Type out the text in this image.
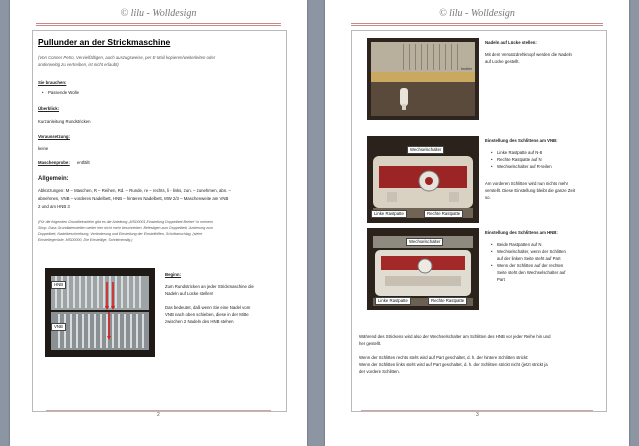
© lilu - Wolldesign
Pullunder an der Strickmaschine
(Von Conner Petro, Vervielfältigen, auch auszugsweise, per E-Mail kopieren/weiterleiten oder
anderweitig zu vertreiben, ist nicht erlaubt)
Sie brauchen:
• Passende Wolle
Überblick:
Kurzanleitung Rundstricken
Voraussetzung:
keine
Maschenprobe: entfällt
Allgemein:
Abkürzungen: M – Maschen, R – Reihen, Rd. – Runde, re – rechts, li - links, zun. – zunehmen, abn. –
abnehmen, VNB – vorderes Nadelbett, HNB – hinteres Nadelbett, MW 2/3 – Maschenweite am VNB
2 und am HNB 3
(Für die folgenden Grundlieinstieler gibt es die Anleitung „MSD0001 Einstellung Doppelbett Breiter“ in meinem
Shop. Dass Grundlaienstellen weiter hier nicht mehr beschrieben. Befestigen zum Doppelbett, Justierung zum
Doppelbett, Nadelbeschreibung, Veränderung und Einstellung der Einstellhilfen, Schrittanschlag, (siehe
Einstellegerüste, MSD0000, Die Einstellige, Schrittmerallg.)
HNB
VNB
Beginn:
Zum Rundstricken an jeder Strickmaschine die
Nadeln auf Lücke stellen!
Das bedeutet, daß wenn Sie eine Nadel vom
VNB nach oben schieben, diese in der Mitte
zwischen 2 Nadeln des HNB stehen
2
© lilu - Wolldesign
brother
Nadeln auf Lücke stellen:
Mit dem Versatzdrehknopf werden die Nadeln
auf Lücke gestellt.
Wechselschalter
Linke Rastpatte	Rechte Rastpatte
Einstellung des Schlittens am VNB:
• Linke Rastpatte auf N-8
• Rechte Rastpatte auf N
• Wechselschalter auf R-teilen
Am vorderen Schlitten wird nun nichts mehr
verstellt. Diese Einstellung bleibt die ganze Zeit
so.
Wechselschalter
Linke Rastpatte	Rechte Rastpatte
Einstellung des Schlittens am HNB:
• Beide Rastpatten auf N
• Wechselschalter, wenn der Schlitten
auf der linken Seite steht auf Part
• Wenn der Schlitten auf der rechten
Seite steht den Wechselschalter auf
Part
Während des Strickens wird also der Wechselschalter am Schlitten des HNB vor jeder Reihe hin und
her gestellt.
Wenn der Schlitten rechts steht wird auf Part geschaltet, d. h. der hintere Schlitten strickt:
Wenn der Schlitten links steht wird auf Part geschaltet, d. h. der Schlitten strickt nicht (jetzt strickt ja
der vordere Schlitten.
3
